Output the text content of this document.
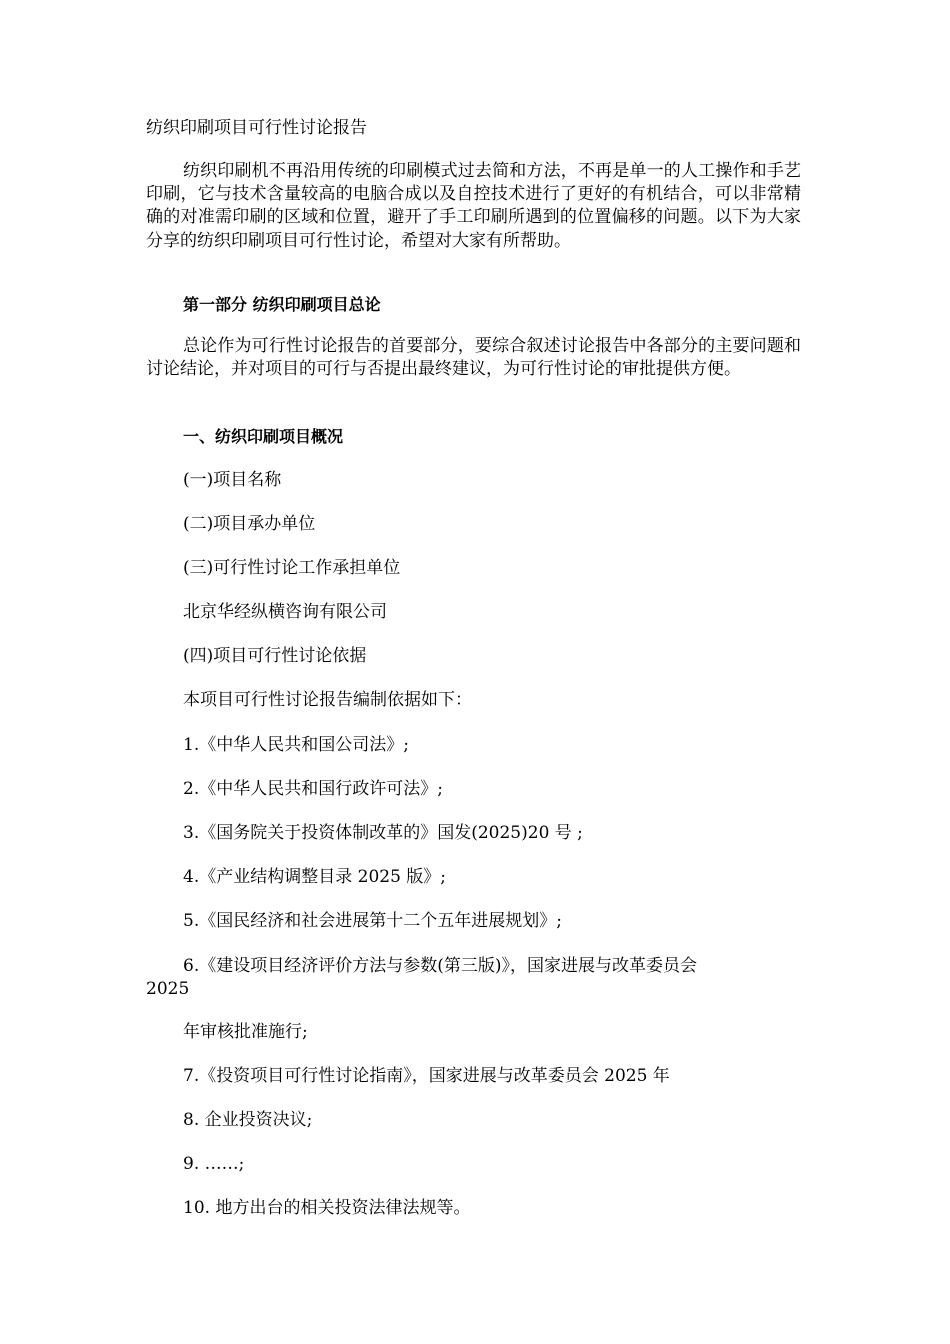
纺织印刷项目可行性讨论报告
纺织印刷机不再沿用传统的印刷模式过去简和方法，不再是单一的人工操作和手艺印刷，它与技术含量较高的电脑合成以及自控技术进行了更好的有机结合，可以非常精确的对准需印刷的区域和位置，避开了手工印刷所遇到的位置偏移的问题。以下为大家分享的纺织印刷项目可行性讨论，希望对大家有所帮助。
第一部分 纺织印刷项目总论
总论作为可行性讨论报告的首要部分，要综合叙述讨论报告中各部分的主要问题和讨论结论，并对项目的可行与否提出最终建议，为可行性讨论的审批提供方便。
一、纺织印刷项目概况
(一)项目名称
(二)项目承办单位
(三)可行性讨论工作承担单位
北京华经纵横咨询有限公司
(四)项目可行性讨论依据
本项目可行性讨论报告编制依据如下：
1.《中华人民共和国公司法》;
2.《中华人民共和国行政许可法》;
3.《国务院关于投资体制改革的》国发(2025)20 号 ;
4.《产业结构调整目录 2025 版》;
5.《国民经济和社会进展第十二个五年进展规划》;
6.《建设项目经济评价方法与参数(第三版)》，国家进展与改革委员会
2025
年审核批准施行;
7.《投资项目可行性讨论指南》，国家进展与改革委员会 2025 年
8. 企业投资决议;
9. ……;
10. 地方出台的相关投资法律法规等。
